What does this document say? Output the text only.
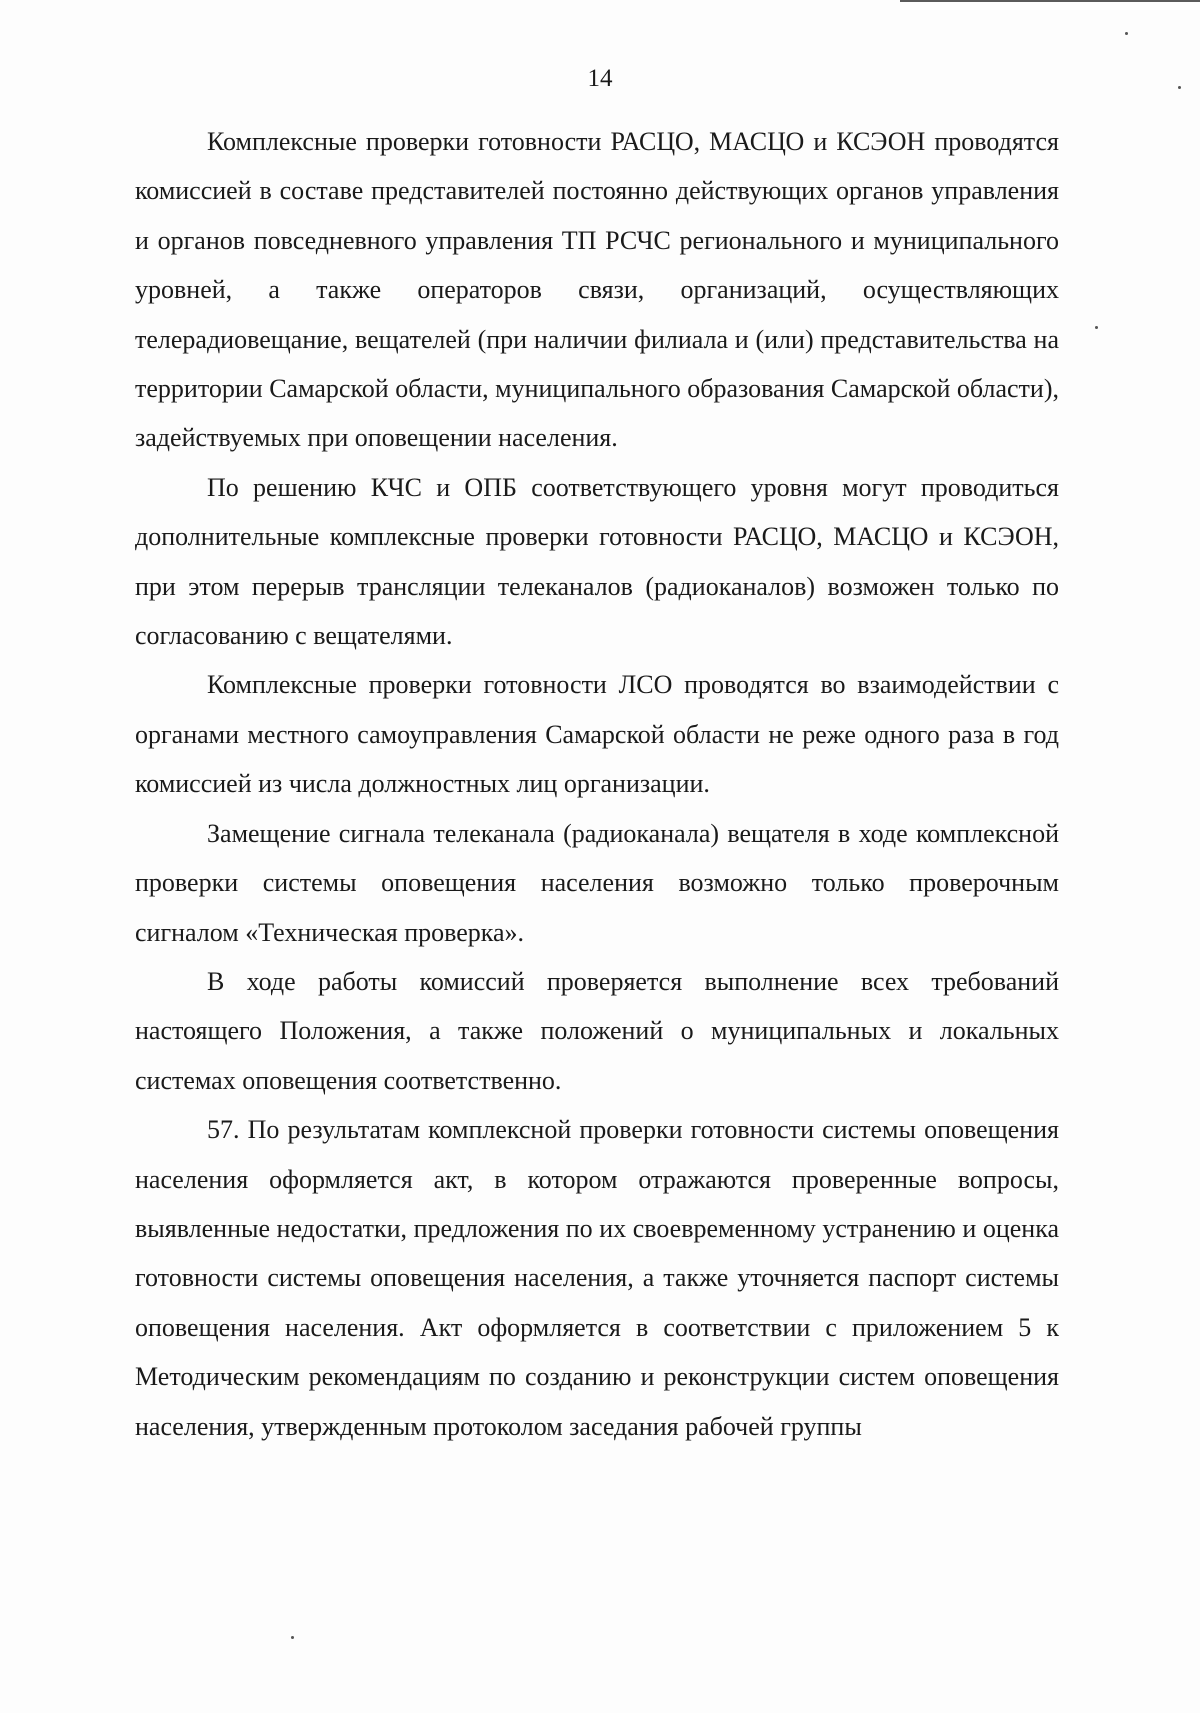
14

Комплексные проверки готовности РАСЦО, МАСЦО и КСЭОН проводятся комиссией в составе представителей постоянно действующих органов управления и органов повседневного управления ТП РСЧС регионального и муниципального уровней, а также операторов связи, организаций, осуществляющих телерадиовещание, вещателей (при наличии филиала и (или) представительства на территории Самарской области, муниципального образования Самарской области), задействуемых при оповещении населения.

По решению КЧС и ОПБ соответствующего уровня могут проводиться дополнительные комплексные проверки готовности РАСЦО, МАСЦО и КСЭОН, при этом перерыв трансляции телеканалов (радиоканалов) возможен только по согласованию с вещателями.

Комплексные проверки готовности ЛСО проводятся во взаимодействии с органами местного самоуправления Самарской области не реже одного раза в год комиссией из числа должностных лиц организации.

Замещение сигнала телеканала (радиоканала) вещателя в ходе комплексной проверки системы оповещения населения возможно только проверочным сигналом «Техническая проверка».

В ходе работы комиссий проверяется выполнение всех требований настоящего Положения, а также положений о муниципальных и локальных системах оповещения соответственно.

57. По результатам комплексной проверки готовности системы оповещения населения оформляется акт, в котором отражаются проверенные вопросы, выявленные недостатки, предложения по их своевременному устранению и оценка готовности системы оповещения населения, а также уточняется паспорт системы оповещения населения. Акт оформляется в соответствии с приложением 5 к Методическим рекомендациям по созданию и реконструкции систем оповещения населения, утвержденным протоколом заседания рабочей группы
